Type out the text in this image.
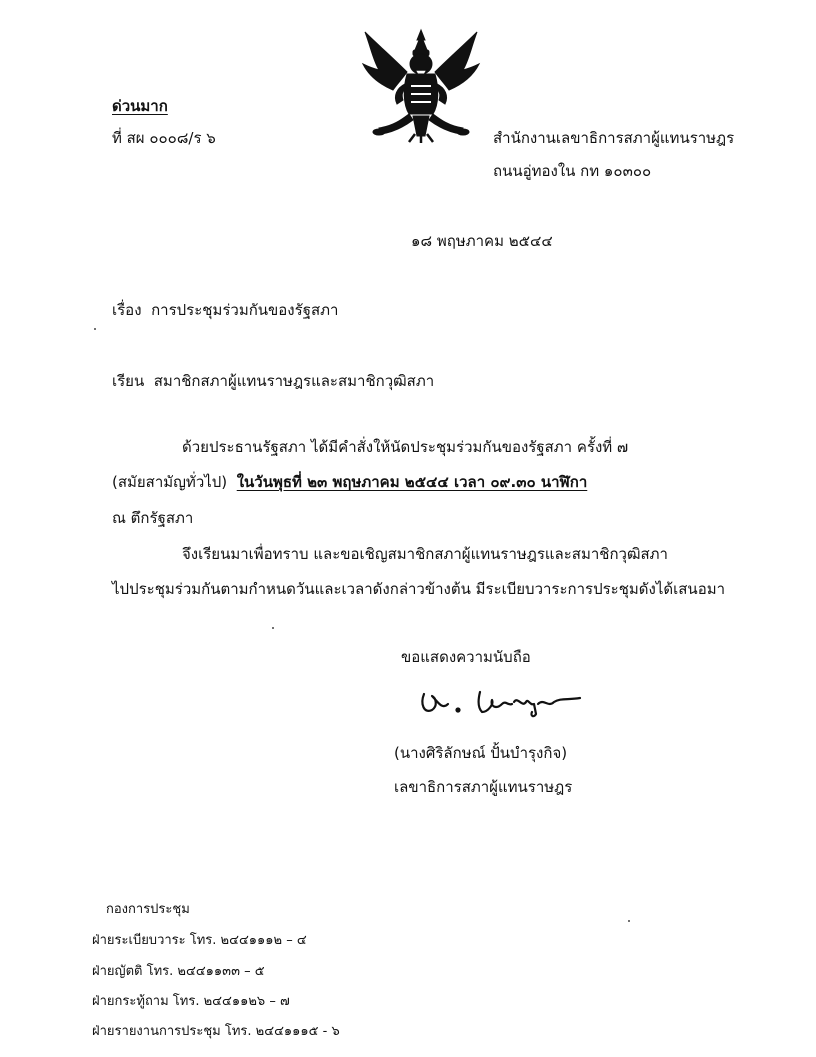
ด่วนมาก
ที่ สผ ๐๐๐๘/ร ๖	สำนักงานเลขาธิการสภาผู้แทนราษฎร
ถนนอู่ทองใน กท ๑๐๓๐๐
๑๘ พฤษภาคม ๒๕๔๔
เรื่อง การประชุมร่วมกันของรัฐสภา
เรียน สมาชิกสภาผู้แทนราษฎรและสมาชิกวุฒิสภา
ด้วยประธานรัฐสภา ได้มีคำสั่งให้นัดประชุมร่วมกันของรัฐสภา ครั้งที่ ๗
(สมัยสามัญทั่วไป) ในวันพุธที่ ๒๓ พฤษภาคม ๒๕๔๔ เวลา ๐๙.๓๐ นาฬิกา
ณ ตึกรัฐสภา
จึงเรียนมาเพื่อทราบ และขอเชิญสมาชิกสภาผู้แทนราษฎรและสมาชิกวุฒิสภา
ไปประชุมร่วมกันตามกำหนดวันและเวลาดังกล่าวข้างต้น มีระเบียบวาระการประชุมดังได้เสนอมา
ขอแสดงความนับถือ
(นางศิริลักษณ์ ปั้นบำรุงกิจ)
เลขาธิการสภาผู้แทนราษฎร
กองการประชุม
ฝ่ายระเบียบวาระ โทร. ๒๔๔๑๑๑๒ – ๔
ฝ่ายญัตติ โทร. ๒๔๔๑๑๓๓ – ๕
ฝ่ายกระทู้ถาม โทร. ๒๔๔๑๑๒๖ – ๗
ฝ่ายรายงานการประชุม โทร. ๒๔๔๑๑๑๕ - ๖
